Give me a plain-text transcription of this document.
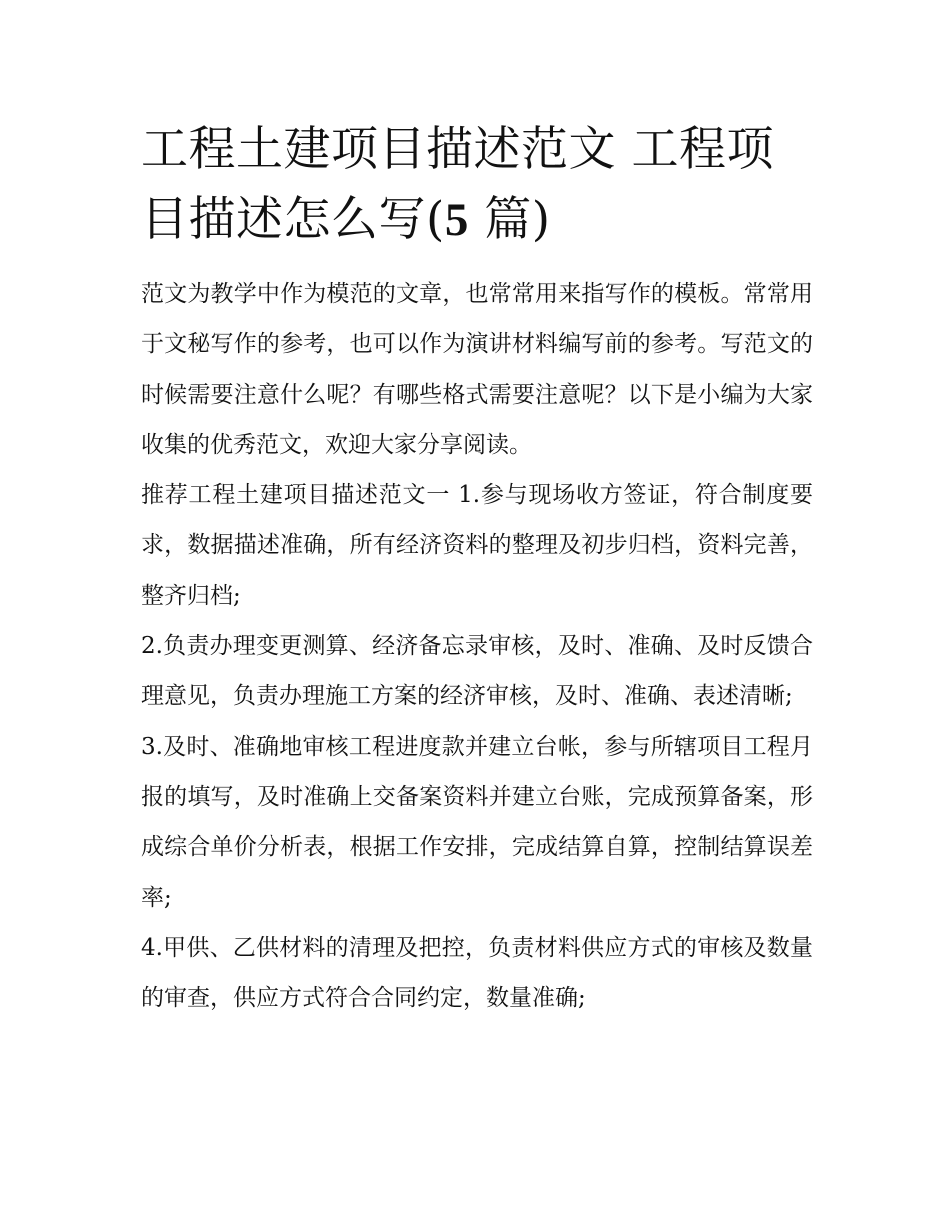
工程土建项目描述范文 工程项目描述怎么写(5 篇)

范文为教学中作为模范的文章，也常常用来指写作的模板。常常用于文秘写作的参考，也可以作为演讲材料编写前的参考。写范文的时候需要注意什么呢？有哪些格式需要注意呢？以下是小编为大家收集的优秀范文，欢迎大家分享阅读。

推荐工程土建项目描述范文一 1.参与现场收方签证，符合制度要求，数据描述准确，所有经济资料的整理及初步归档，资料完善，整齐归档;

2.负责办理变更测算、经济备忘录审核，及时、准确、及时反馈合理意见，负责办理施工方案的经济审核，及时、准确、表述清晰;

3.及时、准确地审核工程进度款并建立台帐，参与所辖项目工程月报的填写，及时准确上交备案资料并建立台账，完成预算备案，形成综合单价分析表，根据工作安排，完成结算自算，控制结算误差率;

4.甲供、乙供材料的清理及把控，负责材料供应方式的审核及数量的审查，供应方式符合合同约定，数量准确;
